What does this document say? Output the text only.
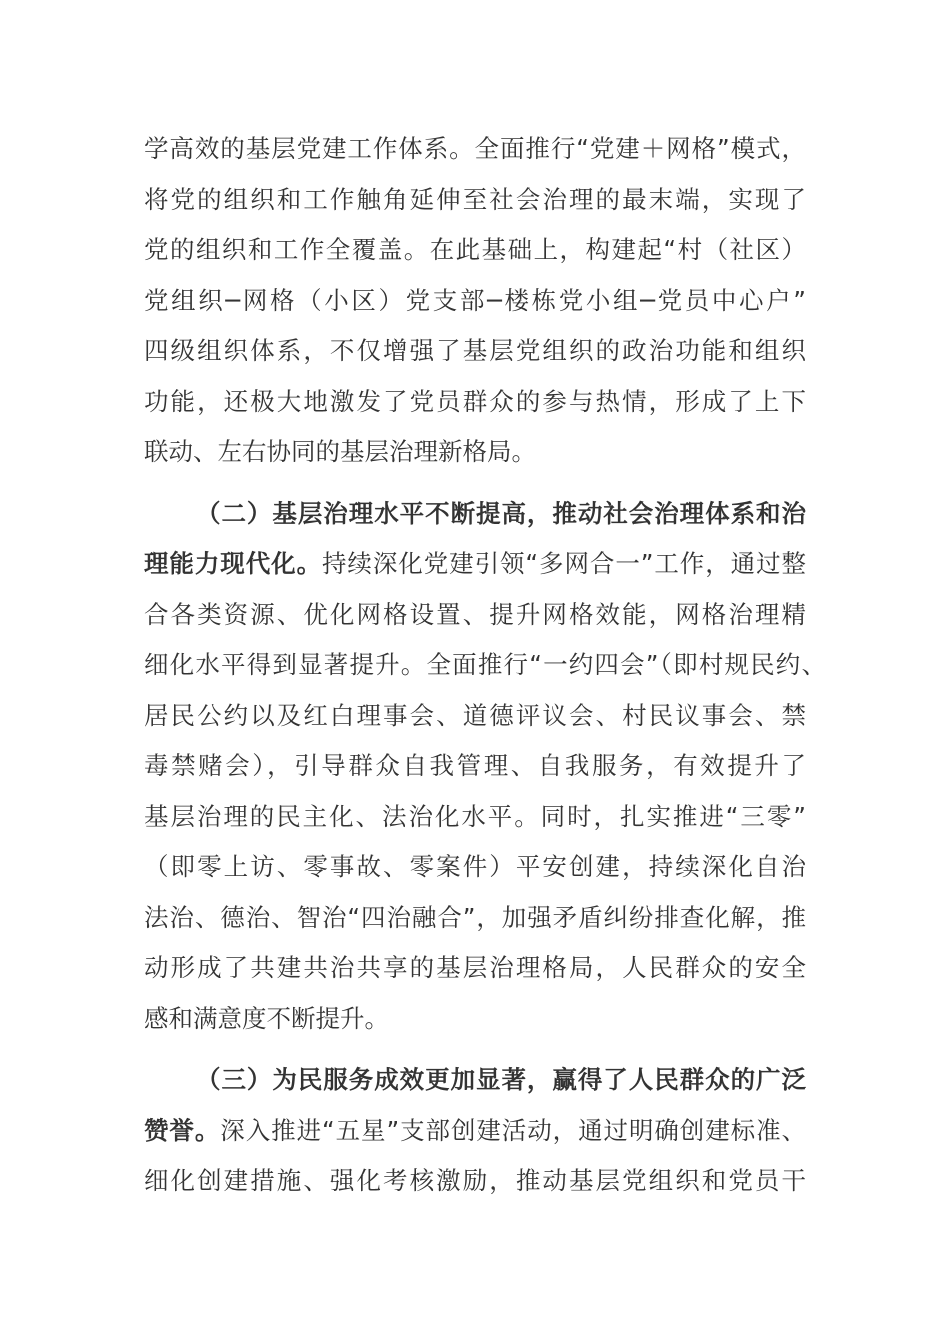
学高效的基层党建工作体系。全面推行“党建＋网格”模式，
将党的组织和工作触角延伸至社会治理的最末端，实现了
党的组织和工作全覆盖。在此基础上，构建起“村（社区）
党组织─网格（小区）党支部─楼栋党小组─党员中心户”
四级组织体系，不仅增强了基层党组织的政治功能和组织
功能，还极大地激发了党员群众的参与热情，形成了上下
联动、左右协同的基层治理新格局。
（二）基层治理水平不断提高，推动社会治理体系和治
理能力现代化。持续深化党建引领“多网合一”工作，通过整
合各类资源、优化网格设置、提升网格效能，网格治理精
细化水平得到显著提升。全面推行“一约四会”（即村规民约、
居民公约以及红白理事会、道德评议会、村民议事会、禁
毒禁赌会），引导群众自我管理、自我服务，有效提升了
基层治理的民主化、法治化水平。同时，扎实推进“三零”
（即零上访、零事故、零案件）平安创建，持续深化自治
法治、德治、智治“四治融合”，加强矛盾纠纷排查化解，推
动形成了共建共治共享的基层治理格局，人民群众的安全
感和满意度不断提升。
（三）为民服务成效更加显著，赢得了人民群众的广泛
赞誉。深入推进“五星”支部创建活动，通过明确创建标准、
细化创建措施、强化考核激励，推动基层党组织和党员干
